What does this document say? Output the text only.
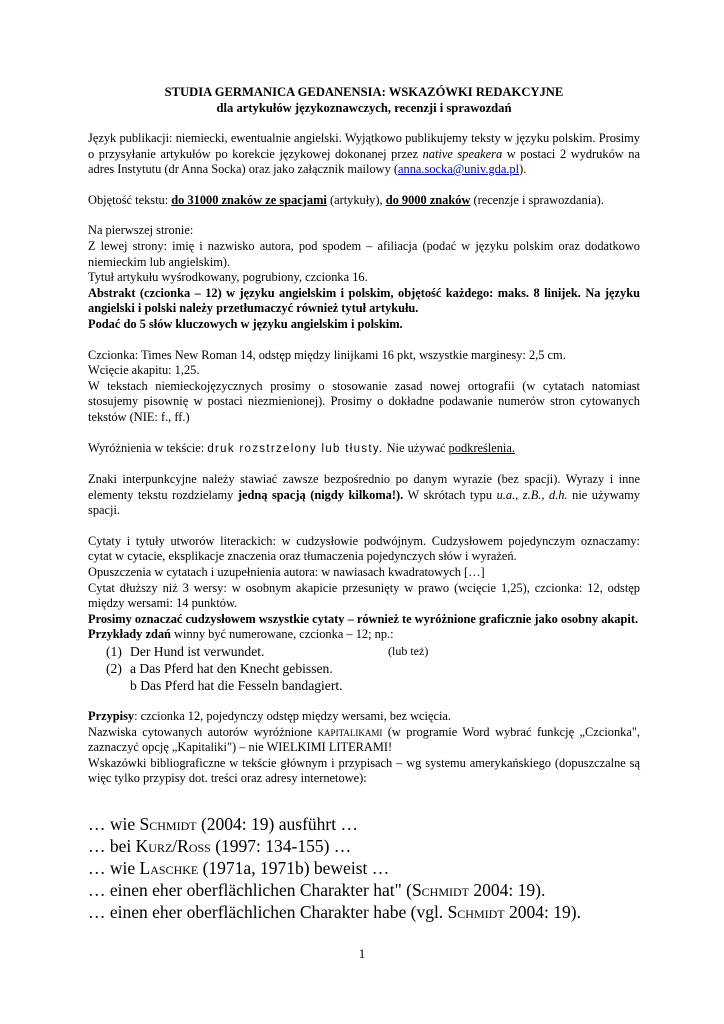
STUDIA GERMANICA GEDANENSIA: WSKAZÓWKI REDAKCYJNE
dla artykułów językoznawczych, recenzji i sprawozdań

Język publikacji: niemiecki, ewentualnie angielski. Wyjątkowo publikujemy teksty w języku polskim. Prosimy o przysyłanie artykułów po korekcie językowej dokonanej przez native speakera w postaci 2 wydruków na adres Instytutu (dr Anna Socka) oraz jako załącznik mailowy (anna.socka@univ.gda.pl).

Objętość tekstu: do 31000 znaków ze spacjami (artykuły), do 9000 znaków (recenzje i sprawozdania).

Na pierwszej stronie:

Z lewej strony: imię i nazwisko autora, pod spodem – afiliacja (podać w języku polskim oraz dodatkowo niemieckim lub angielskim).

Tytuł artykułu wyśrodkowany, pogrubiony, czcionka 16.

Abstrakt (czcionka – 12) w języku angielskim i polskim, objętość każdego: maks. 8 linijek. Na języku angielski i polski należy przetłumaczyć również tytuł artykułu.

Podać do 5 słów kluczowych w języku angielskim i polskim.

Czcionka: Times New Roman 14, odstęp między linijkami 16 pkt, wszystkie marginesy: 2,5 cm.

Wcięcie akapitu: 1,25.

W tekstach niemieckojęzycznych prosimy o stosowanie zasad nowej ortografii (w cytatach natomiast stosujemy pisownię w postaci niezmienionej). Prosimy o dokładne podawanie numerów stron cytowanych tekstów (NIE: f., ff.)

Wyróżnienia w tekście: druk rozstrzelony lub tłusty. Nie używać podkreślenia.

Znaki interpunkcyjne należy stawiać zawsze bezpośrednio po danym wyrazie (bez spacji). Wyrazy i inne elementy tekstu rozdzielamy jedną spacją (nigdy kilkoma!). W skrótach typu u.a., z.B., d.h. nie używamy spacji.

Cytaty i tytuły utworów literackich: w cudzysłowie podwójnym. Cudzysłowem pojedynczym oznaczamy: cytat w cytacie, eksplikacje znaczenia oraz tłumaczenia pojedynczych słów i wyrażeń.

Opuszczenia w cytatach i uzupełnienia autora: w nawiasach kwadratowych […]

Cytat dłuższy niż 3 wersy: w osobnym akapicie przesunięty w prawo (wcięcie 1,25), czcionka: 12, odstęp między wersami: 14 punktów.

Prosimy oznaczać cudzysłowem wszystkie cytaty – również te wyróżnione graficznie jako osobny akapit.

Przykłady zdań winny być numerowane, czcionka – 12; np.:

(1) Der Hund ist verwundet.	(lub też)
(2) a Das Pferd hat den Knecht gebissen.
b Das Pferd hat die Fesseln bandagiert.

Przypisy: czcionka 12, pojedynczy odstęp między wersami, bez wcięcia.

Nazwiska cytowanych autorów wyróżnione kapitalikami (w programie Word wybrać funkcję „Czcionka", zaznaczyć opcję „Kapitaliki") – nie WIELKIMI LITERAMI!

Wskazówki bibliograficzne w tekście głównym i przypisach – wg systemu amerykańskiego (dopuszczalne są więc tylko przypisy dot. treści oraz adresy internetowe):

… wie Schmidt (2004: 19) ausführt …

… bei Kurz/Roß (1997: 134-155) …

… wie Laschke (1971a, 1971b) beweist …

… einen eher oberflächlichen Charakter hat" (Schmidt 2004: 19).

… einen eher oberflächlichen Charakter habe (vgl. Schmidt 2004: 19).

1
